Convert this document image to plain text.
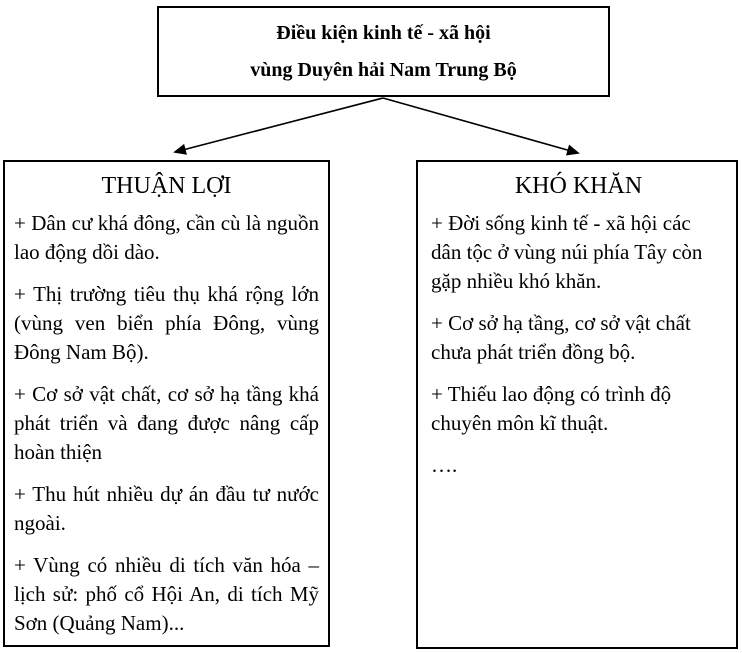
Điều kiện kinh tế - xã hội
vùng Duyên hải Nam Trung Bộ
THUẬN LỢI

+ Dân cư khá đông, cần cù là nguồn lao động dồi dào.

+ Thị trường tiêu thụ khá rộng lớn (vùng ven biển phía Đông, vùng Đông Nam Bộ).

+ Cơ sở vật chất, cơ sở hạ tầng khá phát triển và đang được nâng cấp hoàn thiện

+ Thu hút nhiều dự án đầu tư nước ngoài.

+ Vùng có nhiều di tích văn hóa – lịch sử: phố cổ Hội An, di tích Mỹ Sơn (Quảng Nam)...

KHÓ KHĂN

+ Đời sống kinh tế - xã hội các dân tộc ở vùng núi phía Tây còn gặp nhiều khó khăn.

+ Cơ sở hạ tầng, cơ sở vật chất chưa phát triển đồng bộ.

+ Thiếu lao động có trình độ chuyên môn kĩ thuật.

….
